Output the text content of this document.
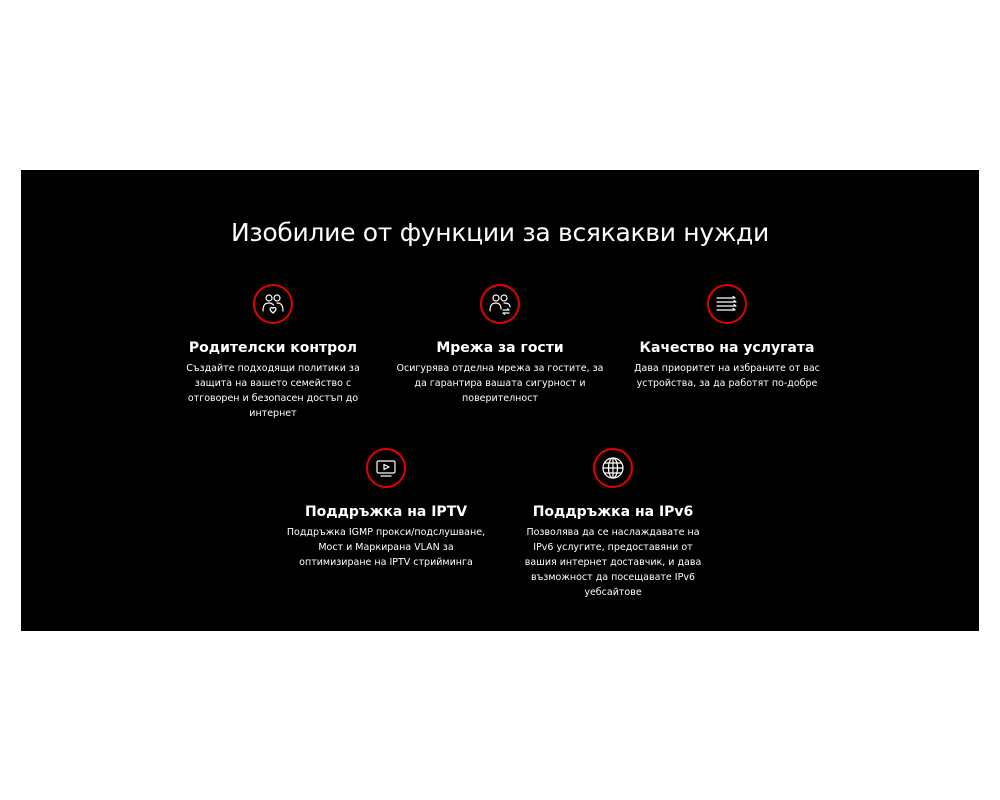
Изобилие от функции за всякакви нужди
Родителски контрол

Създайте подходящи политики за защита на вашето семейство с отговорен и безопасен достъп до интернет

Мрежа за гости

Осигурява отделна мрежа за гостите, за да гарантира вашата сигурност и поверителност

Качество на услугата

Дава приоритет на избраните от вас устройства, за да работят по-добре

Поддръжка на IPTV

Поддръжка IGMP прокси/подслушване, Мост и Маркирана VLAN за оптимизиране на IPTV стрийминга

Поддръжка на IPv6

Позволява да се наслаждавате на IPv6 услугите, предоставяни от вашия интернет доставчик, и дава възможност да посещавате IPv6 уебсайтове
